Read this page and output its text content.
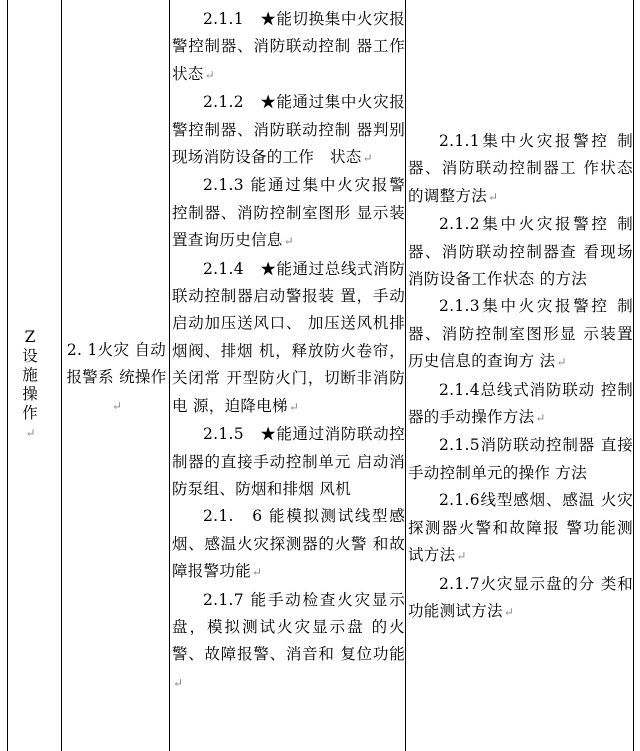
Z设施操作↵
2. 1火灾 自动报警系 统操作↵

2.1.1　★能切换集中火灾报警控制器、消防联动控制 器工作状态↵

2.1.2　★能通过集中火灾报警控制器、消防联动控制 器判别现场消防设备的工作　状态↵

2.1.3 能通过集中火灾报警控制器、消防控制室图形 显示装置查询历史信息↵

2.1.4　★能通过总线式消防联动控制器启动警报装 置，手动启动加压送风口、 加压送风机排烟阀、排烟 机，释放防火卷帘，关闭常 开型防火门，切断非消防电 源，迫降电梯↵

2.1.5　★能通过消防联动控制器的直接手动控制单元 启动消防泵组、防烟和排烟 风机

2.1.　6 能模拟测试线型感烟、感温火灾探测器的火警 和故障报警功能↵

2.1.7 能手动检查火灾显示盘，模拟测试火灾显示盘 的火警、故障报警、消音和 复位功能↵

2.1.1集中火灾报警控 制器、消防联动控制器工 作状态的调整方法↵

2.1.2集中火灾报警控 制器、消防联动控制器查 看现场消防设备工作状态 的方法

2.1.3集中火灾报警控 制器、消防控制室图形显 示装置历史信息的查询方 法↵

2.1.4总线式消防联动 控制器的手动操作方法↵

2.1.5消防联动控制器 直接手动控制单元的操作 方法

2.1.6线型感烟、感温 火灾探测器火警和故障报 警功能测试方法↵

2.1.7火灾显示盘的分 类和功能测试方法↵
